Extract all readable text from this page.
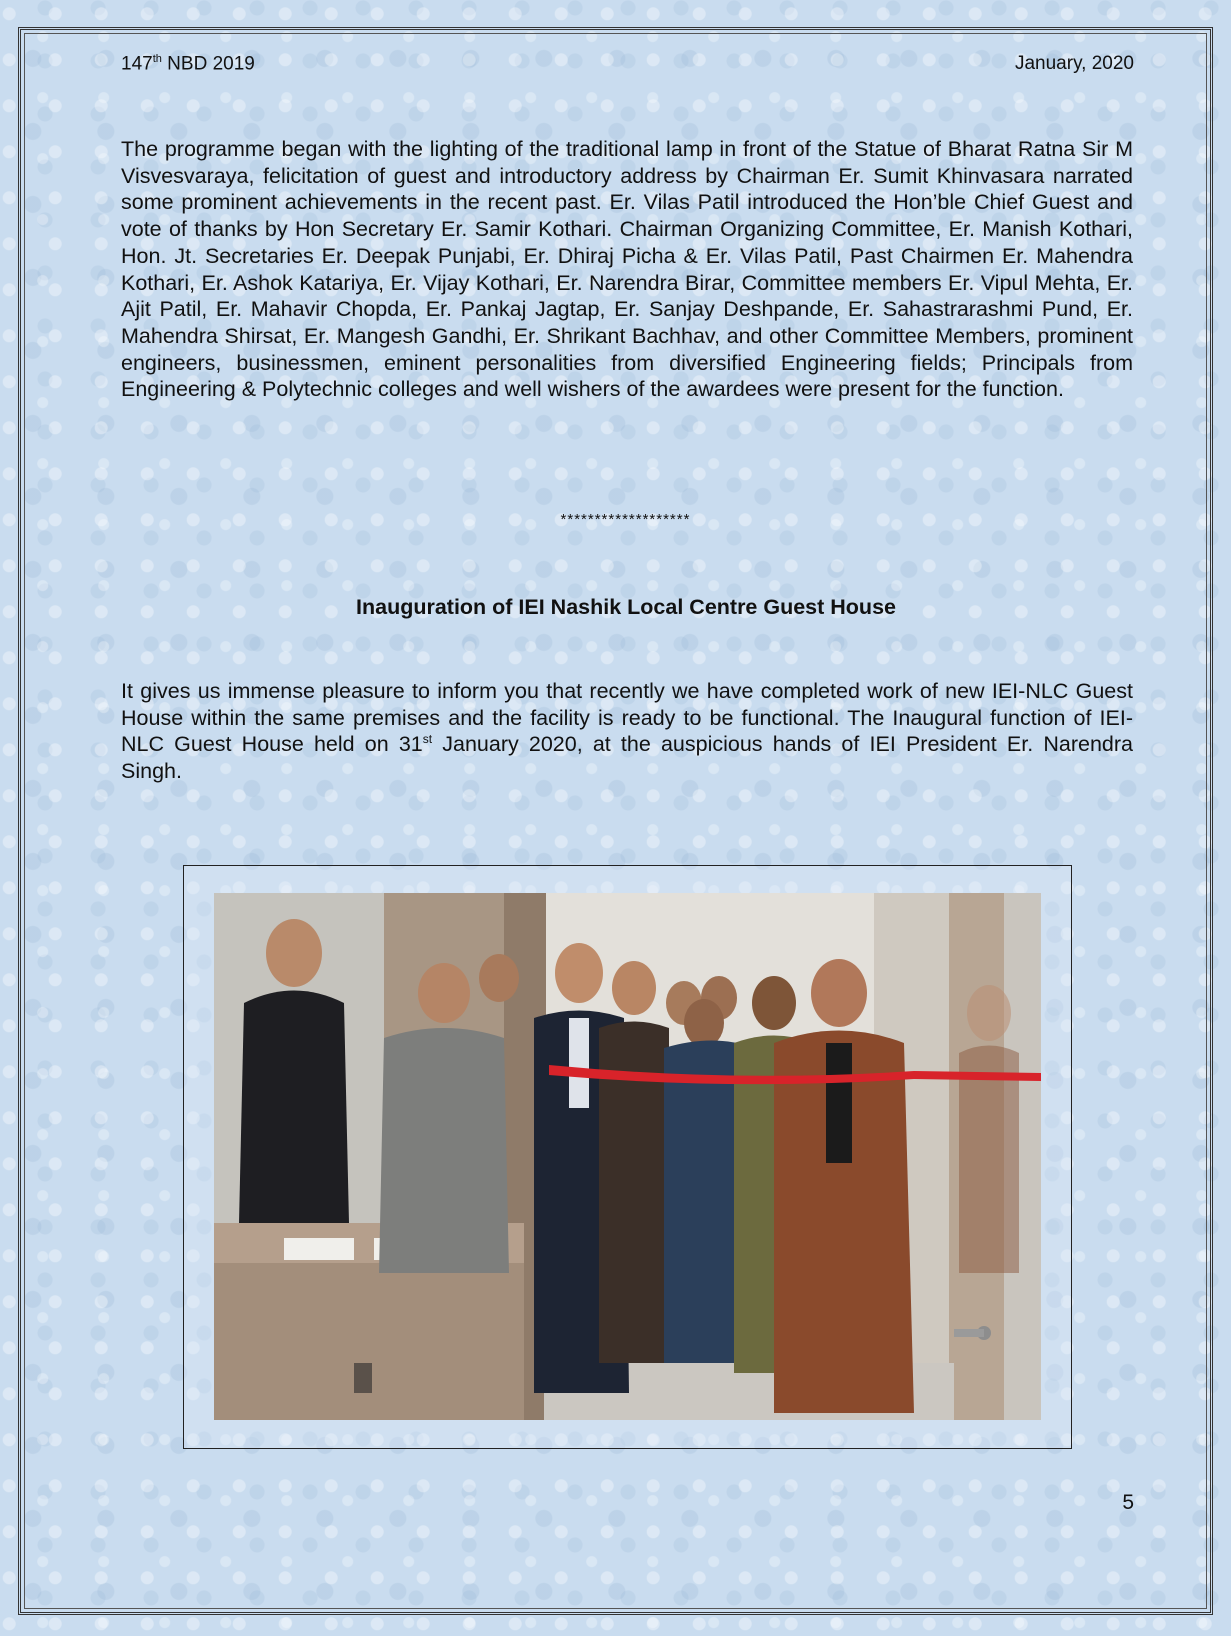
147th NBD 2019	January, 2020

The programme began with the lighting of the traditional lamp in front of the Statue of Bharat Ratna Sir M Visvesvaraya, felicitation of guest and introductory address by Chairman Er. Sumit Khinvasara narrated some prominent achievements in the recent past. Er. Vilas Patil introduced the Hon’ble Chief Guest and vote of thanks by Hon Secretary Er. Samir Kothari. Chairman Organizing Committee, Er. Manish Kothari, Hon. Jt. Secretaries Er. Deepak Punjabi, Er. Dhiraj Picha & Er. Vilas Patil, Past Chairmen Er. Mahendra Kothari, Er. Ashok Katariya, Er. Vijay Kothari, Er. Narendra Birar, Committee members Er. Vipul Mehta, Er. Ajit Patil, Er. Mahavir Chopda, Er. Pankaj Jagtap, Er. Sanjay Deshpande, Er. Sahastrarashmi Pund, Er. Mahendra Shirsat, Er. Mangesh Gandhi, Er. Shrikant Bachhav, and other Committee Members, prominent engineers, businessmen, eminent personalities from diversified Engineering fields; Principals from Engineering & Polytechnic colleges and well wishers of the awardees were present for the function.

*******************
Inauguration of IEI Nashik Local Centre Guest House

It gives us immense pleasure to inform you that recently we have completed work of new IEI-NLC Guest House within the same premises and the facility is ready to be functional. The Inaugural function of IEI-NLC Guest House held on 31st January 2020, at the auspicious hands of IEI President Er. Narendra Singh.

5
